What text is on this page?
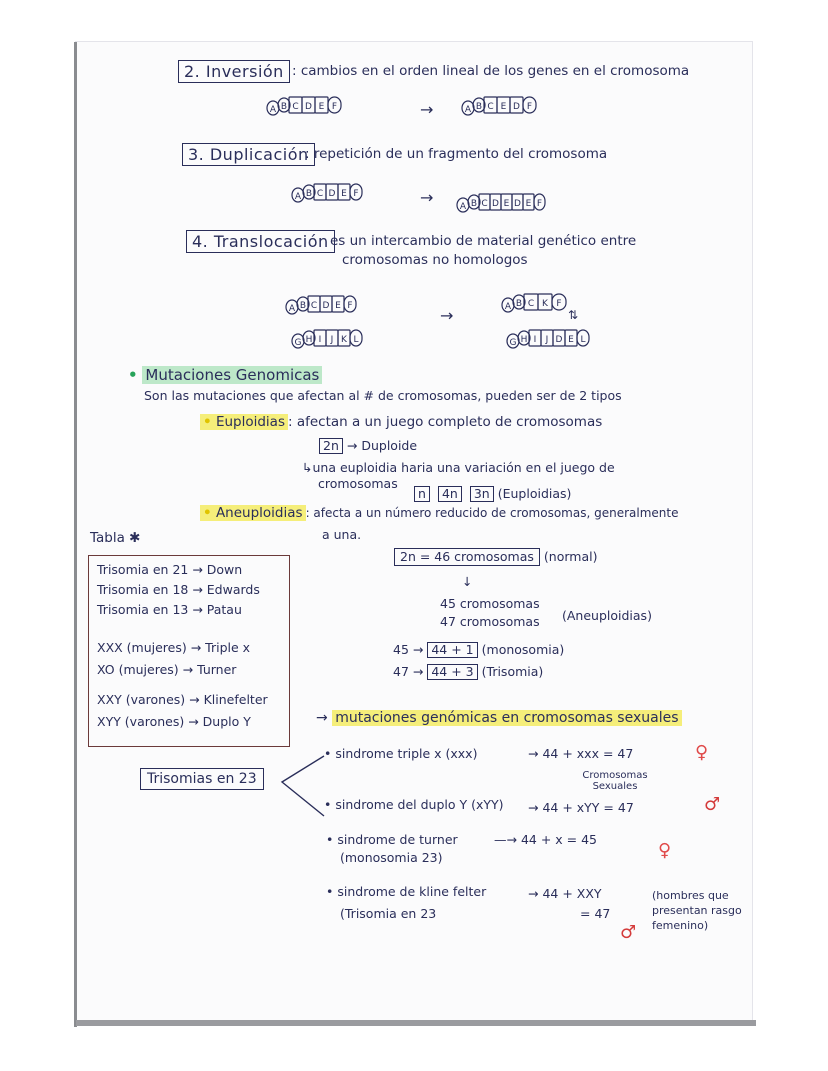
2. Inversión : cambios en el orden lineal de los genes en el cromosoma
A B C D E F	→	A B C E D F
3. Duplicación
: repetición de un fragmento del cromosoma
A B C D E F	→	A B C D E D E F
4. Translocación es un intercambio de material genético entre
cromosomas no homologos
A B C D E F
G H I J K L
→	A B C K F
⇅
G H I J D E L
• Mutaciones Genomicas
Son las mutaciones que afectan al # de cromosomas, pueden ser de 2 tipos
• Euploidias : afectan a un juego completo de cromosomas
2n → Duploide
↳una euploidia haria una variación en el juego de
cromosomas
n 4n 3n (Euploidias)
• Aneuploidias : afecta a un número reducido de cromosomas, generalmente
a una.
2n = 46 cromosomas (normal)
↓
45 cromosomas
47 cromosomas (Aneuploidias)
45 → 44 + 1 (monosomia)
47 → 44 + 3 (Trisomia)
Tabla ✱
Trisomia en 21 → Down
Trisomia en 18 → Edwards
Trisomia en 13 → Patau
XXX (mujeres) → Triple x
XO (mujeres) → Turner
XXY (varones) → Klinefelter
XYY (varones) → Duplo Y
Trisomias en 23
→ mutaciones genómicas en cromosomas sexuales
• sindrome triple x (xxx)	→ 44 + xxx = 47	♀
Cromosomas Sexuales
• sindrome del duplo Y (xYY) → 44 + xYY = 47	♂
• sindrome de turner
(monosomia 23)
—→ 44 + x = 45
♀
• sindrome de kline felter
(Trisomia en 23
→ 44 + XXY
= 47
(hombres que presentan rasgo femenino)
♂
